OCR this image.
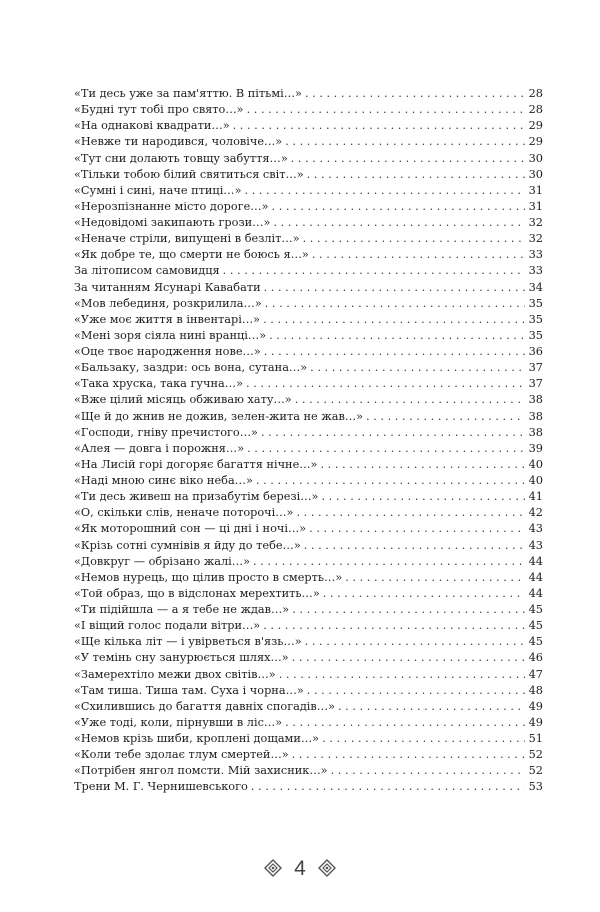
«Ти десь уже за пам'яттю. В пітьмі…» . . .	28
«Будні тут тобі про свято…» . . .	28
«На однакові квадрати…» . . .	29
«Невже ти народився, чоловіче…» . . .	29
«Тут сни долають товщу забуття…» . . .	30
«Тільки тобою білий святиться світ…» . . .	30
«Сумні і сині, наче птиці…» . . .	31
«Нерозпізнанне місто дороге…» . . .	31
«Недовідомі закипають грози…» . . .	32
«Неначе стріли, випущені в безліт…» . . .	32
«Як добре те, що смерти не боюсь я…» . . .	33
За літописом самовидця . . .	33
За читанням Ясунарі Кавабати . . .	34
«Мов лебединя, розкрилила…» . . .	35
«Уже моє життя в інвентарі…» . . .	35
«Мені зоря сіяла нині вранці…» . . .	35
«Оце твоє народження нове…» . . .	36
«Бальзаку, заздри: ось вона, сутана…» . . .	37
«Така хруска, така гучна…» . . .	37
«Вже цілий місяць обживаю хату…» . . .	38
«Ще й до жнив не дожив, зелен-жита не жав…» . . .	38
«Господи, гніву пречистого…» . . .	38
«Алея — довга і порожня…» . . .	39
«На Лисій горі догоряє багаття нічне…» . . .	40
«Наді мною синє віко неба…» . . .	40
«Ти десь живеш на призабутім березі…» . . .	41
«О, скільки слів, неначе поторочі…» . . .	42
«Як моторошний сон — ці дні і ночі…» . . .	43
«Крізь сотні сумнівів я йду до тебе…» . . .	43
«Довкруг — обрізано жалі…» . . .	44
«Немов нурець, що цілив просто в смерть…» . . .	44
«Той образ, що в відслонах мерехтить…» . . .	44
«Ти підійшла — а я тебе не ждав…» . . .	45
«І віщий голос подали вітри…» . . .	45
«Ще кілька літ — і увірветься в'язь…» . . .	45
«У темінь сну занурюється шлях…» . . .	46
«Замерехтіло межи двох світів…» . . .	47
«Там тиша. Тиша там. Суха і чорна…» . . .	48
«Схилившись до багаття давніх спогадів…» . . .	49
«Уже тоді, коли, пірнувши в ліс…» . . .	49
«Немов крізь шиби, кроплені дощами…» . . .	51
«Коли тебе здолає тлум смертей…» . . .	52
«Потрібен янгол помсти. Мій захисник…» . . .	52
Трени М. Г. Чернишевського . . .	53
4
